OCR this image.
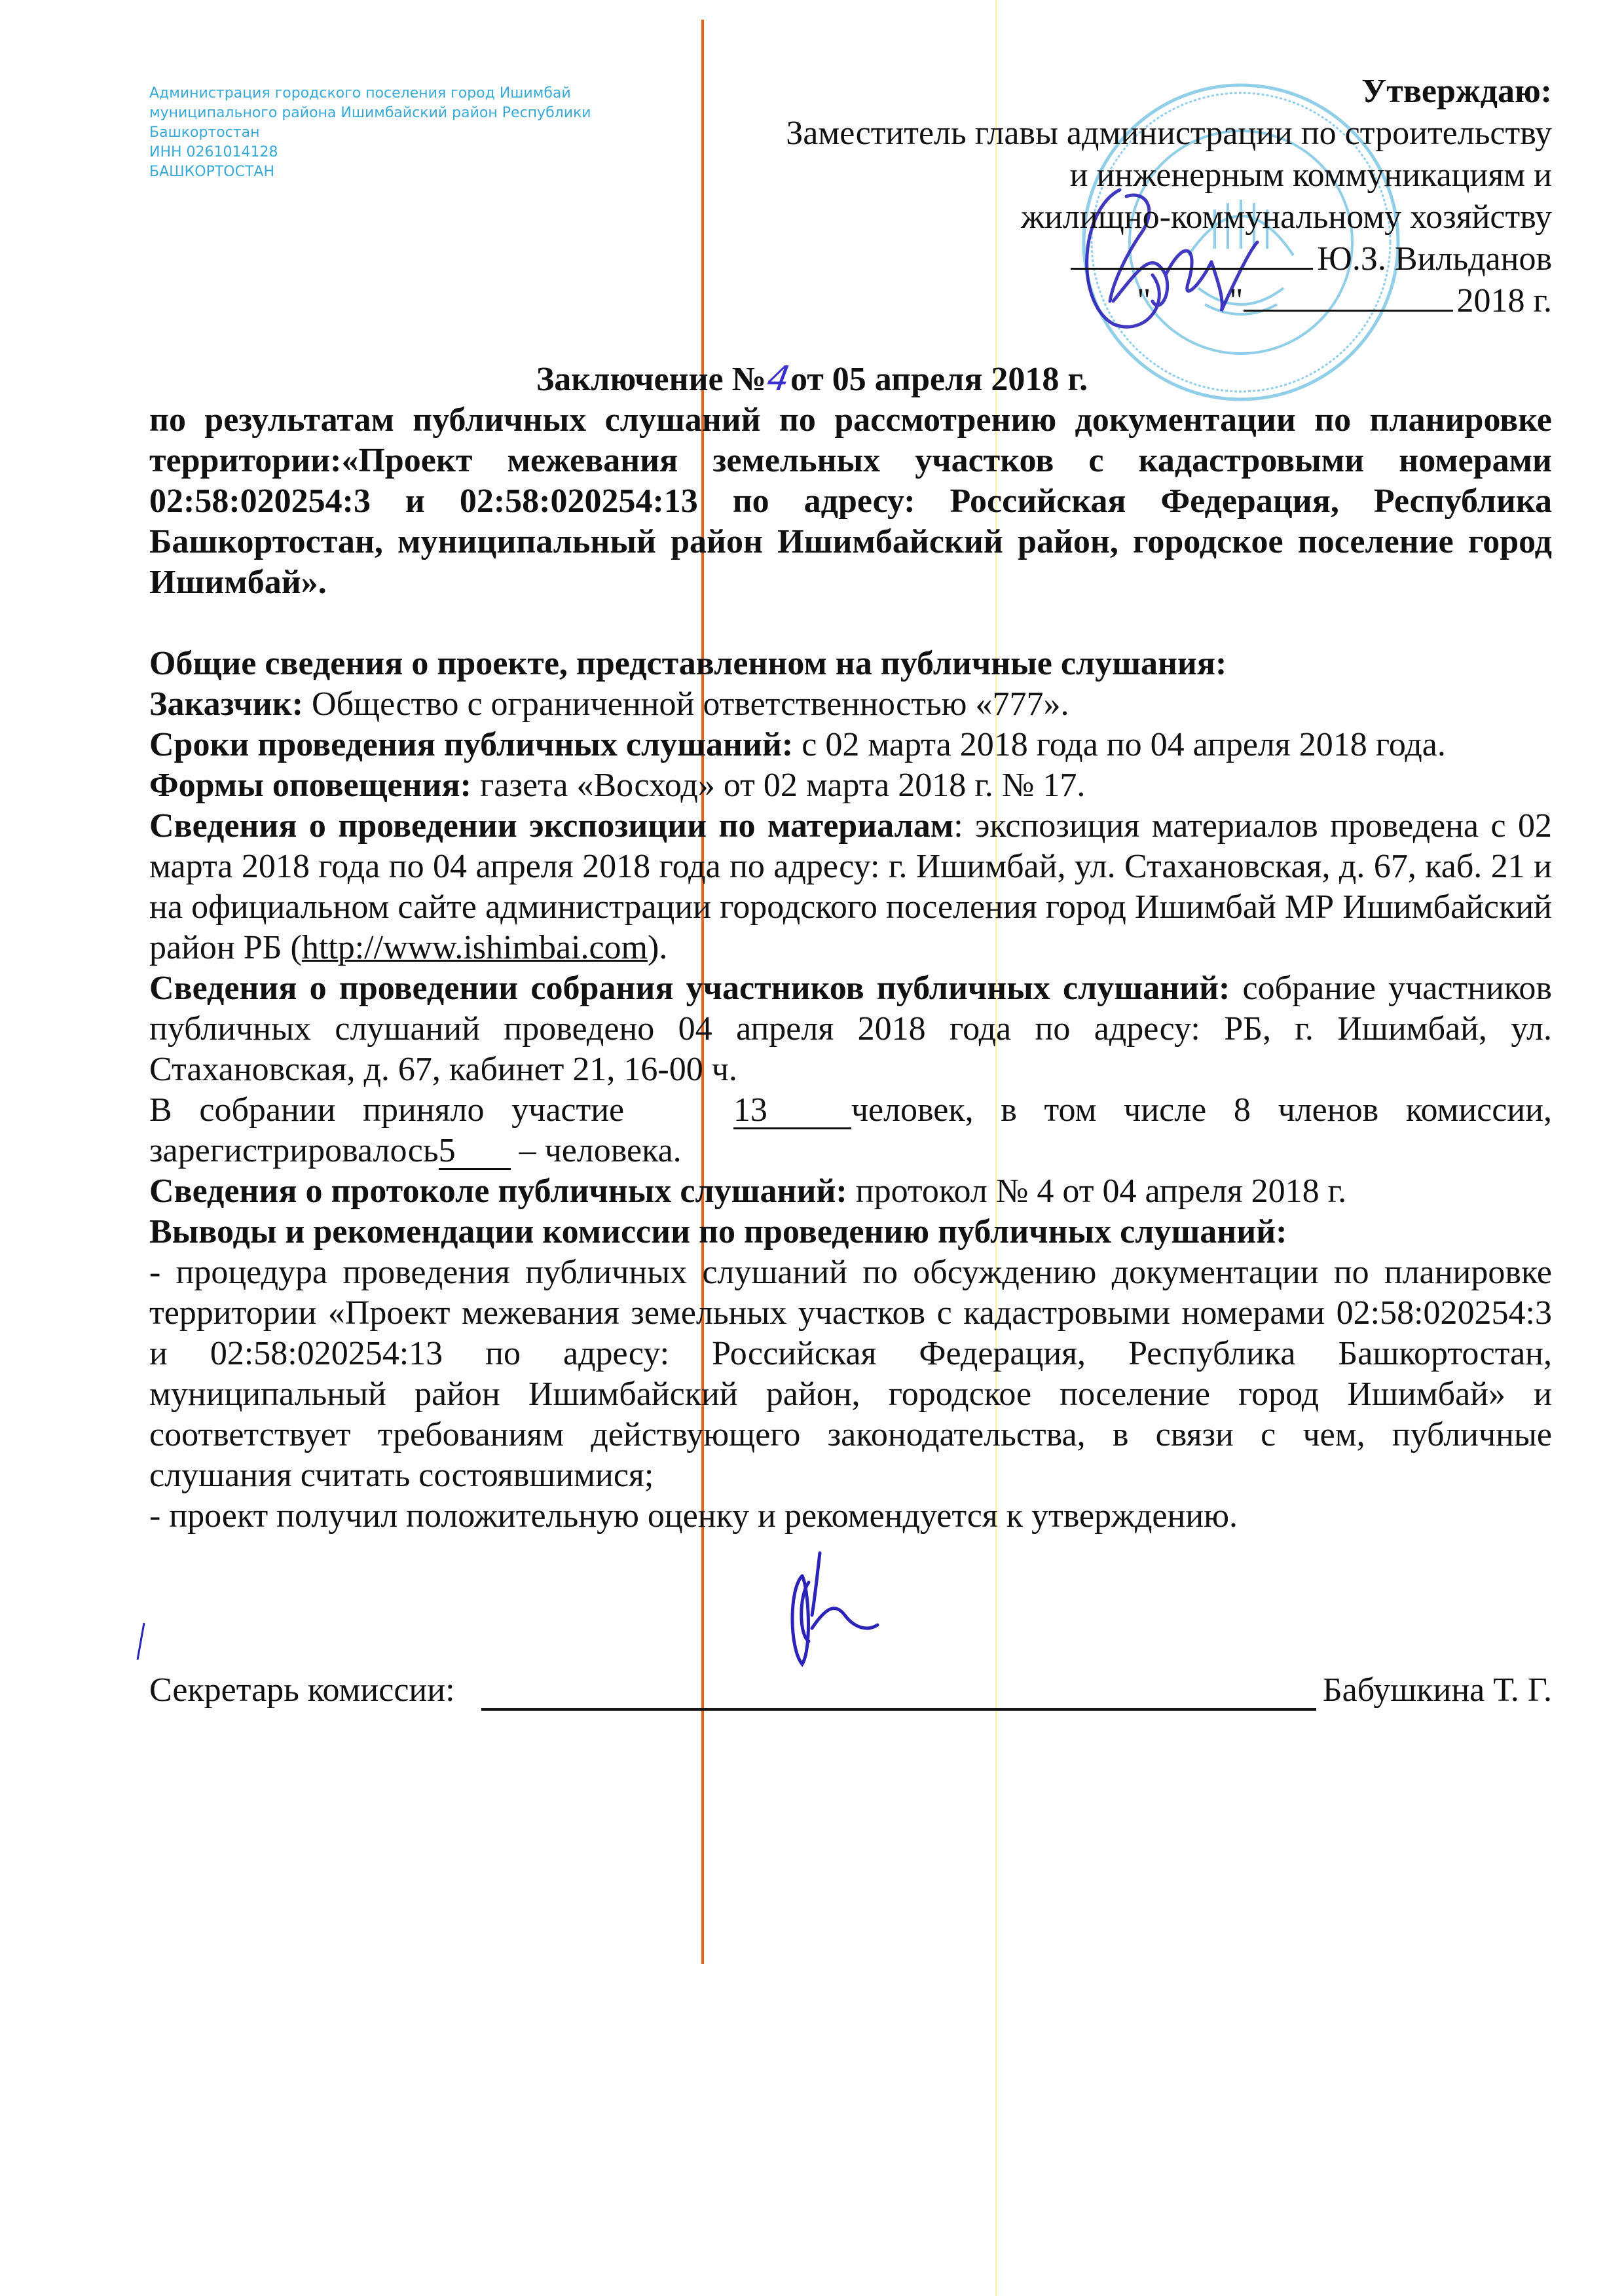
Администрация городского поселения город Ишимбай муниципального района Ишимбайский район Республики Башкортостан
ИНН 0261014128
БАШКОРТОСТАН
Утверждаю:
Заместитель главы администрации по строительству
и инженерным коммуникациям и
жилищно-коммунальному хозяйству
Ю.З. Вильданов
" "	2018 г.
Заключение №4от 05 апреля 2018 г.

по результатам публичных слушаний по рассмотрению документации по планировке территории:«Проект межевания земельных участков с кадастровыми номерами 02:58:020254:3 и 02:58:020254:13 по адресу: Российская Федерация, Республика Башкортостан, муниципальный район Ишимбайский район, городское поселение город Ишимбай».

Общие сведения о проекте, представленном на публичные слушания:

Заказчик: Общество с ограниченной ответственностью «777».

Сроки проведения публичных слушаний: с 02 марта 2018 года по 04 апреля 2018 года.

Формы оповещения: газета «Восход» от 02 марта 2018 г. № 17.

Сведения о проведении экспозиции по материалам: экспозиция материалов проведена с 02 марта 2018 года по 04 апреля 2018 года по адресу: г. Ишимбай, ул. Стахановская, д. 67, каб. 21 и на официальном сайте администрации городского поселения город Ишимбай МР Ишимбайский район РБ (http://www.ishimbai.com).

Сведения о проведении собрания участников публичных слушаний: собрание участников публичных слушаний проведено 04 апреля 2018 года по адресу: РБ, г. Ишимбай, ул. Стахановская, д. 67, кабинет 21, 16-00 ч.

В собрании приняло участие    13 человек, в том числе 8 членов комиссии, зарегистрировалось5 – человека.

Сведения о протоколе публичных слушаний: протокол № 4 от 04 апреля 2018 г.

Выводы и рекомендации комиссии по проведению публичных слушаний:

- процедура проведения публичных слушаний по обсуждению документации по планировке территории «Проект межевания земельных участков с кадастровыми номерами 02:58:020254:3 и 02:58:020254:13 по адресу: Российская Федерация, Республика Башкортостан, муниципальный район Ишимбайский район, городское поселение город Ишимбай» и соответствует требованиям действующего законодательства, в связи с чем, публичные слушания считать состоявшимися;

- проект получил положительную оценку и рекомендуется к утверждению.

Секретарь комиссии:	Бабушкина Т. Г.
